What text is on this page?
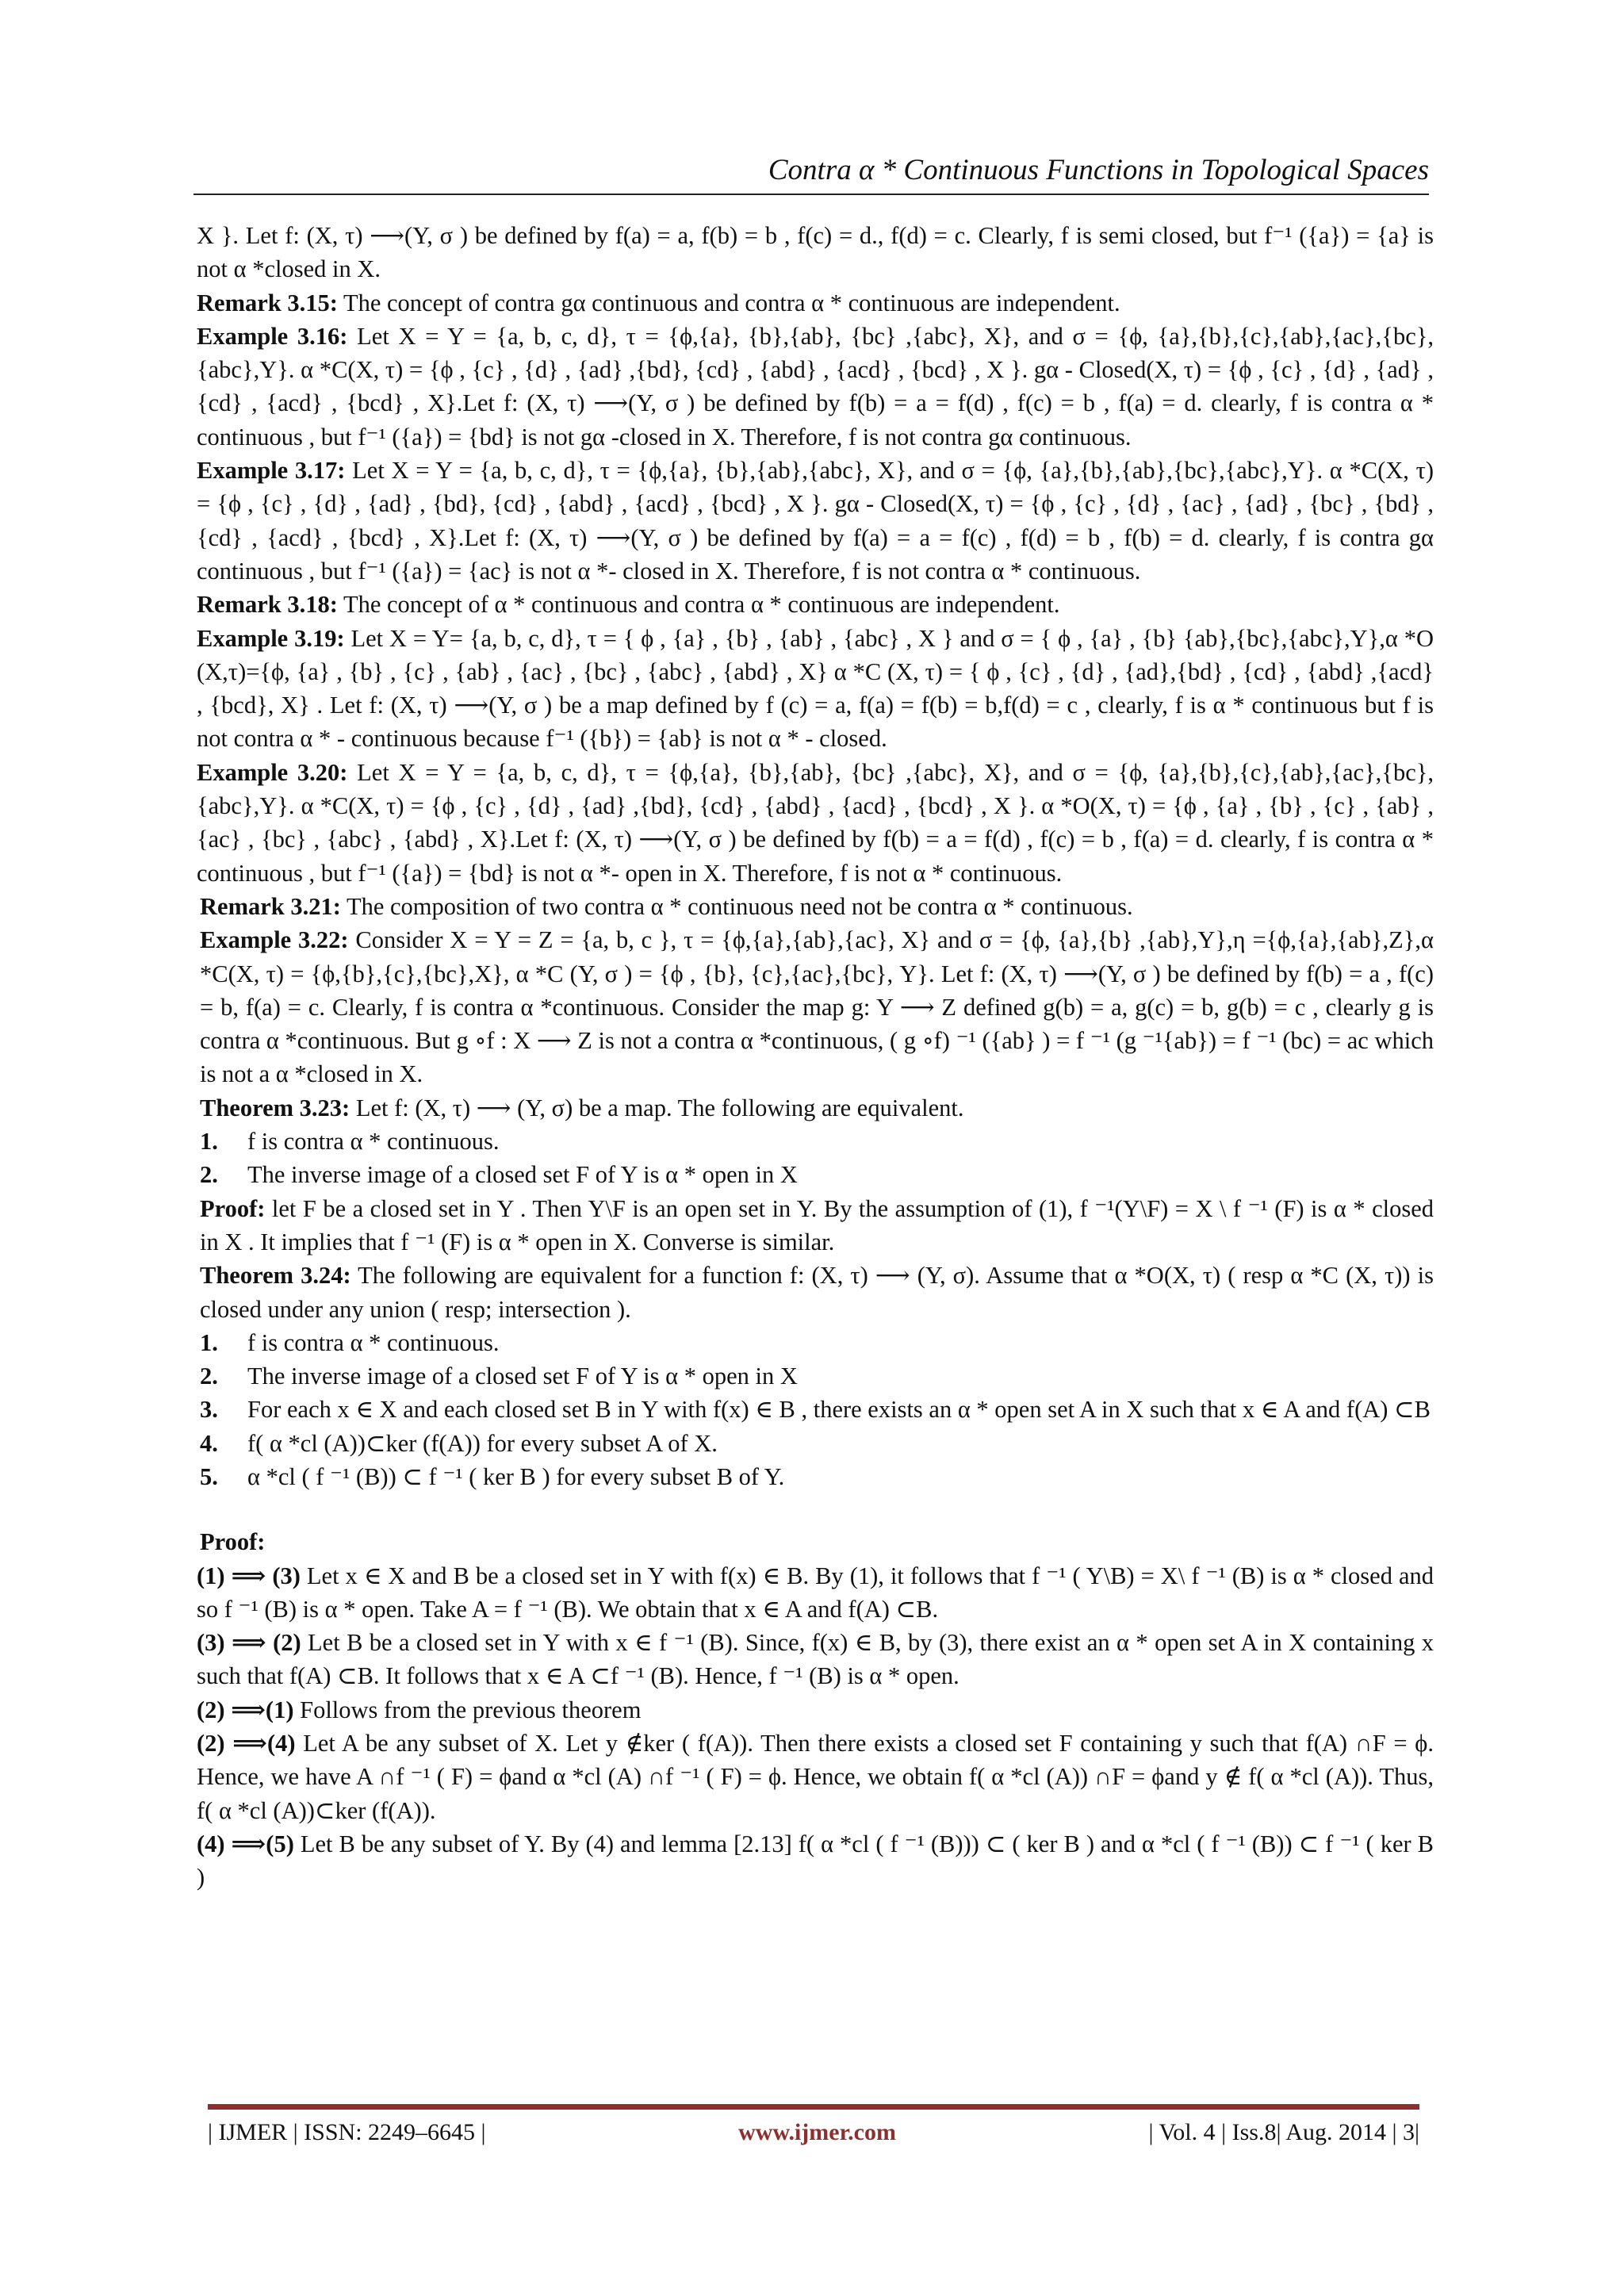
Contra α * Continuous Functions in Topological Spaces

X }. Let f: (X, τ) ⟶(Y, σ ) be defined by f(a) = a, f(b) = b , f(c) = d., f(d) = c. Clearly, f is semi closed, but f⁻¹ ({a}) = {a} is not α *closed in X.

Remark 3.15: The concept of contra gα continuous and contra α * continuous are independent.

Example 3.16: Let X = Y = {a, b, c, d}, τ = {ϕ,{a}, {b},{ab}, {bc} ,{abc}, X}, and σ = {ϕ, {a},{b},{c},{ab},{ac},{bc},{abc},Y}. α *C(X, τ) = {ϕ , {c} , {d} , {ad} ,{bd}, {cd} , {abd} , {acd} , {bcd} , X }. gα - Closed(X, τ) = {ϕ , {c} , {d} , {ad} , {cd} , {acd} , {bcd} , X}.Let f: (X, τ) ⟶(Y, σ ) be defined by f(b) = a = f(d) , f(c) = b , f(a) = d. clearly, f is contra α * continuous , but f⁻¹ ({a}) = {bd} is not gα -closed in X. Therefore, f is not contra gα continuous.

Example 3.17: Let X = Y = {a, b, c, d}, τ = {ϕ,{a}, {b},{ab},{abc}, X}, and σ = {ϕ, {a},{b},{ab},{bc},{abc},Y}. α *C(X, τ) = {ϕ , {c} , {d} , {ad} , {bd}, {cd} , {abd} , {acd} , {bcd} , X }. gα - Closed(X, τ) = {ϕ , {c} , {d} , {ac} , {ad} , {bc} , {bd} , {cd} , {acd} , {bcd} , X}.Let f: (X, τ) ⟶(Y, σ ) be defined by f(a) = a = f(c) , f(d) = b , f(b) = d. clearly, f is contra gα continuous , but f⁻¹ ({a}) = {ac} is not α *- closed in X. Therefore, f is not contra α * continuous.

Remark 3.18: The concept of α * continuous and contra α * continuous are independent.

Example 3.19: Let X = Y= {a, b, c, d}, τ = { ϕ , {a} , {b} , {ab} , {abc} , X } and σ = { ϕ , {a} , {b} {ab},{bc},{abc},Y},α *O (X,τ)={ϕ, {a} , {b} , {c} , {ab} , {ac} , {bc} , {abc} , {abd} , X} α *C (X, τ) = { ϕ , {c} , {d} , {ad},{bd} , {cd} , {abd} ,{acd} , {bcd}, X} . Let f: (X, τ) ⟶(Y, σ ) be a map defined by f (c) = a, f(a) = f(b) = b,f(d) = c , clearly, f is α * continuous but f is not contra α * - continuous because f⁻¹ ({b}) = {ab} is not α * - closed.

Example 3.20: Let X = Y = {a, b, c, d}, τ = {ϕ,{a}, {b},{ab}, {bc} ,{abc}, X}, and σ = {ϕ, {a},{b},{c},{ab},{ac},{bc},{abc},Y}. α *C(X, τ) = {ϕ , {c} , {d} , {ad} ,{bd}, {cd} , {abd} , {acd} , {bcd} , X }. α *O(X, τ) = {ϕ , {a} , {b} , {c} , {ab} , {ac} , {bc} , {abc} , {abd} , X}.Let f: (X, τ) ⟶(Y, σ ) be defined by f(b) = a = f(d) , f(c) = b , f(a) = d. clearly, f is contra α * continuous , but f⁻¹ ({a}) = {bd} is not α *- open in X. Therefore, f is not α * continuous.

Remark 3.21: The composition of two contra α * continuous need not be contra α * continuous.

Example 3.22: Consider X = Y = Z = {a, b, c }, τ = {ϕ,{a},{ab},{ac}, X} and σ = {ϕ, {a},{b} ,{ab},Y},η ={ϕ,{a},{ab},Z},α *C(X, τ) = {ϕ,{b},{c},{bc},X}, α *C (Y, σ ) = {ϕ , {b}, {c},{ac},{bc}, Y}. Let f: (X, τ) ⟶(Y, σ ) be defined by f(b) = a , f(c) = b, f(a) = c. Clearly, f is contra α *continuous. Consider the map g: Y ⟶ Z defined g(b) = a, g(c) = b, g(b) = c , clearly g is contra α *continuous. But g ∘f : X ⟶ Z is not a contra α *continuous, ( g ∘f) ⁻¹ ({ab} ) = f ⁻¹ (g ⁻¹{ab}) = f ⁻¹ (bc) = ac which is not a α *closed in X.

Theorem 3.23: Let f: (X, τ) ⟶ (Y, σ) be a map. The following are equivalent.

1.	f is contra α * continuous.
2.	The inverse image of a closed set F of Y is α * open in X

Proof: let F be a closed set in Y . Then Y\F is an open set in Y. By the assumption of (1), f ⁻¹(Y\F) = X \ f ⁻¹ (F) is α * closed in X . It implies that f ⁻¹ (F) is α * open in X. Converse is similar.

Theorem 3.24: The following are equivalent for a function f: (X, τ) ⟶ (Y, σ). Assume that α *O(X, τ) ( resp α *C (X, τ)) is closed under any union ( resp; intersection ).

1.	f is contra α * continuous.
2.	The inverse image of a closed set F of Y is α * open in X
3.	For each x ∈ X and each closed set B in Y with f(x) ∈ B , there exists an α * open set A in X such that x ∈ A and f(A) ⊂B
4.	f( α *cl (A))⊂ker (f(A)) for every subset A of X.
5.	α *cl ( f ⁻¹ (B)) ⊂ f ⁻¹ ( ker B ) for every subset B of Y.

Proof:

(1) ⟹ (3) Let x ∈ X and B be a closed set in Y with f(x) ∈ B. By (1), it follows that f ⁻¹ ( Y\B) = X\ f ⁻¹ (B) is α * closed and so f ⁻¹ (B) is α * open. Take A = f ⁻¹ (B). We obtain that x ∈ A and f(A) ⊂B.

(3) ⟹ (2) Let B be a closed set in Y with x ∈ f ⁻¹ (B). Since, f(x) ∈ B, by (3), there exist an α * open set A in X containing x such that f(A) ⊂B. It follows that x ∈ A ⊂f ⁻¹ (B). Hence, f ⁻¹ (B) is α * open.

(2) ⟹(1) Follows from the previous theorem

(2) ⟹(4) Let A be any subset of X. Let y ∉ker ( f(A)). Then there exists a closed set F containing y such that f(A) ∩F = ϕ. Hence, we have A ∩f ⁻¹ ( F) = ϕand α *cl (A) ∩f ⁻¹ ( F) = ϕ. Hence, we obtain f( α *cl (A)) ∩F = ϕand y ∉ f( α *cl (A)). Thus, f( α *cl (A))⊂ker (f(A)).

(4) ⟹(5) Let B be any subset of Y. By (4) and lemma [2.13] f( α *cl ( f ⁻¹ (B))) ⊂ ( ker B ) and α *cl ( f ⁻¹ (B)) ⊂ f ⁻¹ ( ker B )

| IJMER | ISSN: 2249–6645 |	www.ijmer.com	| Vol. 4 | Iss.8| Aug. 2014 | 3|
